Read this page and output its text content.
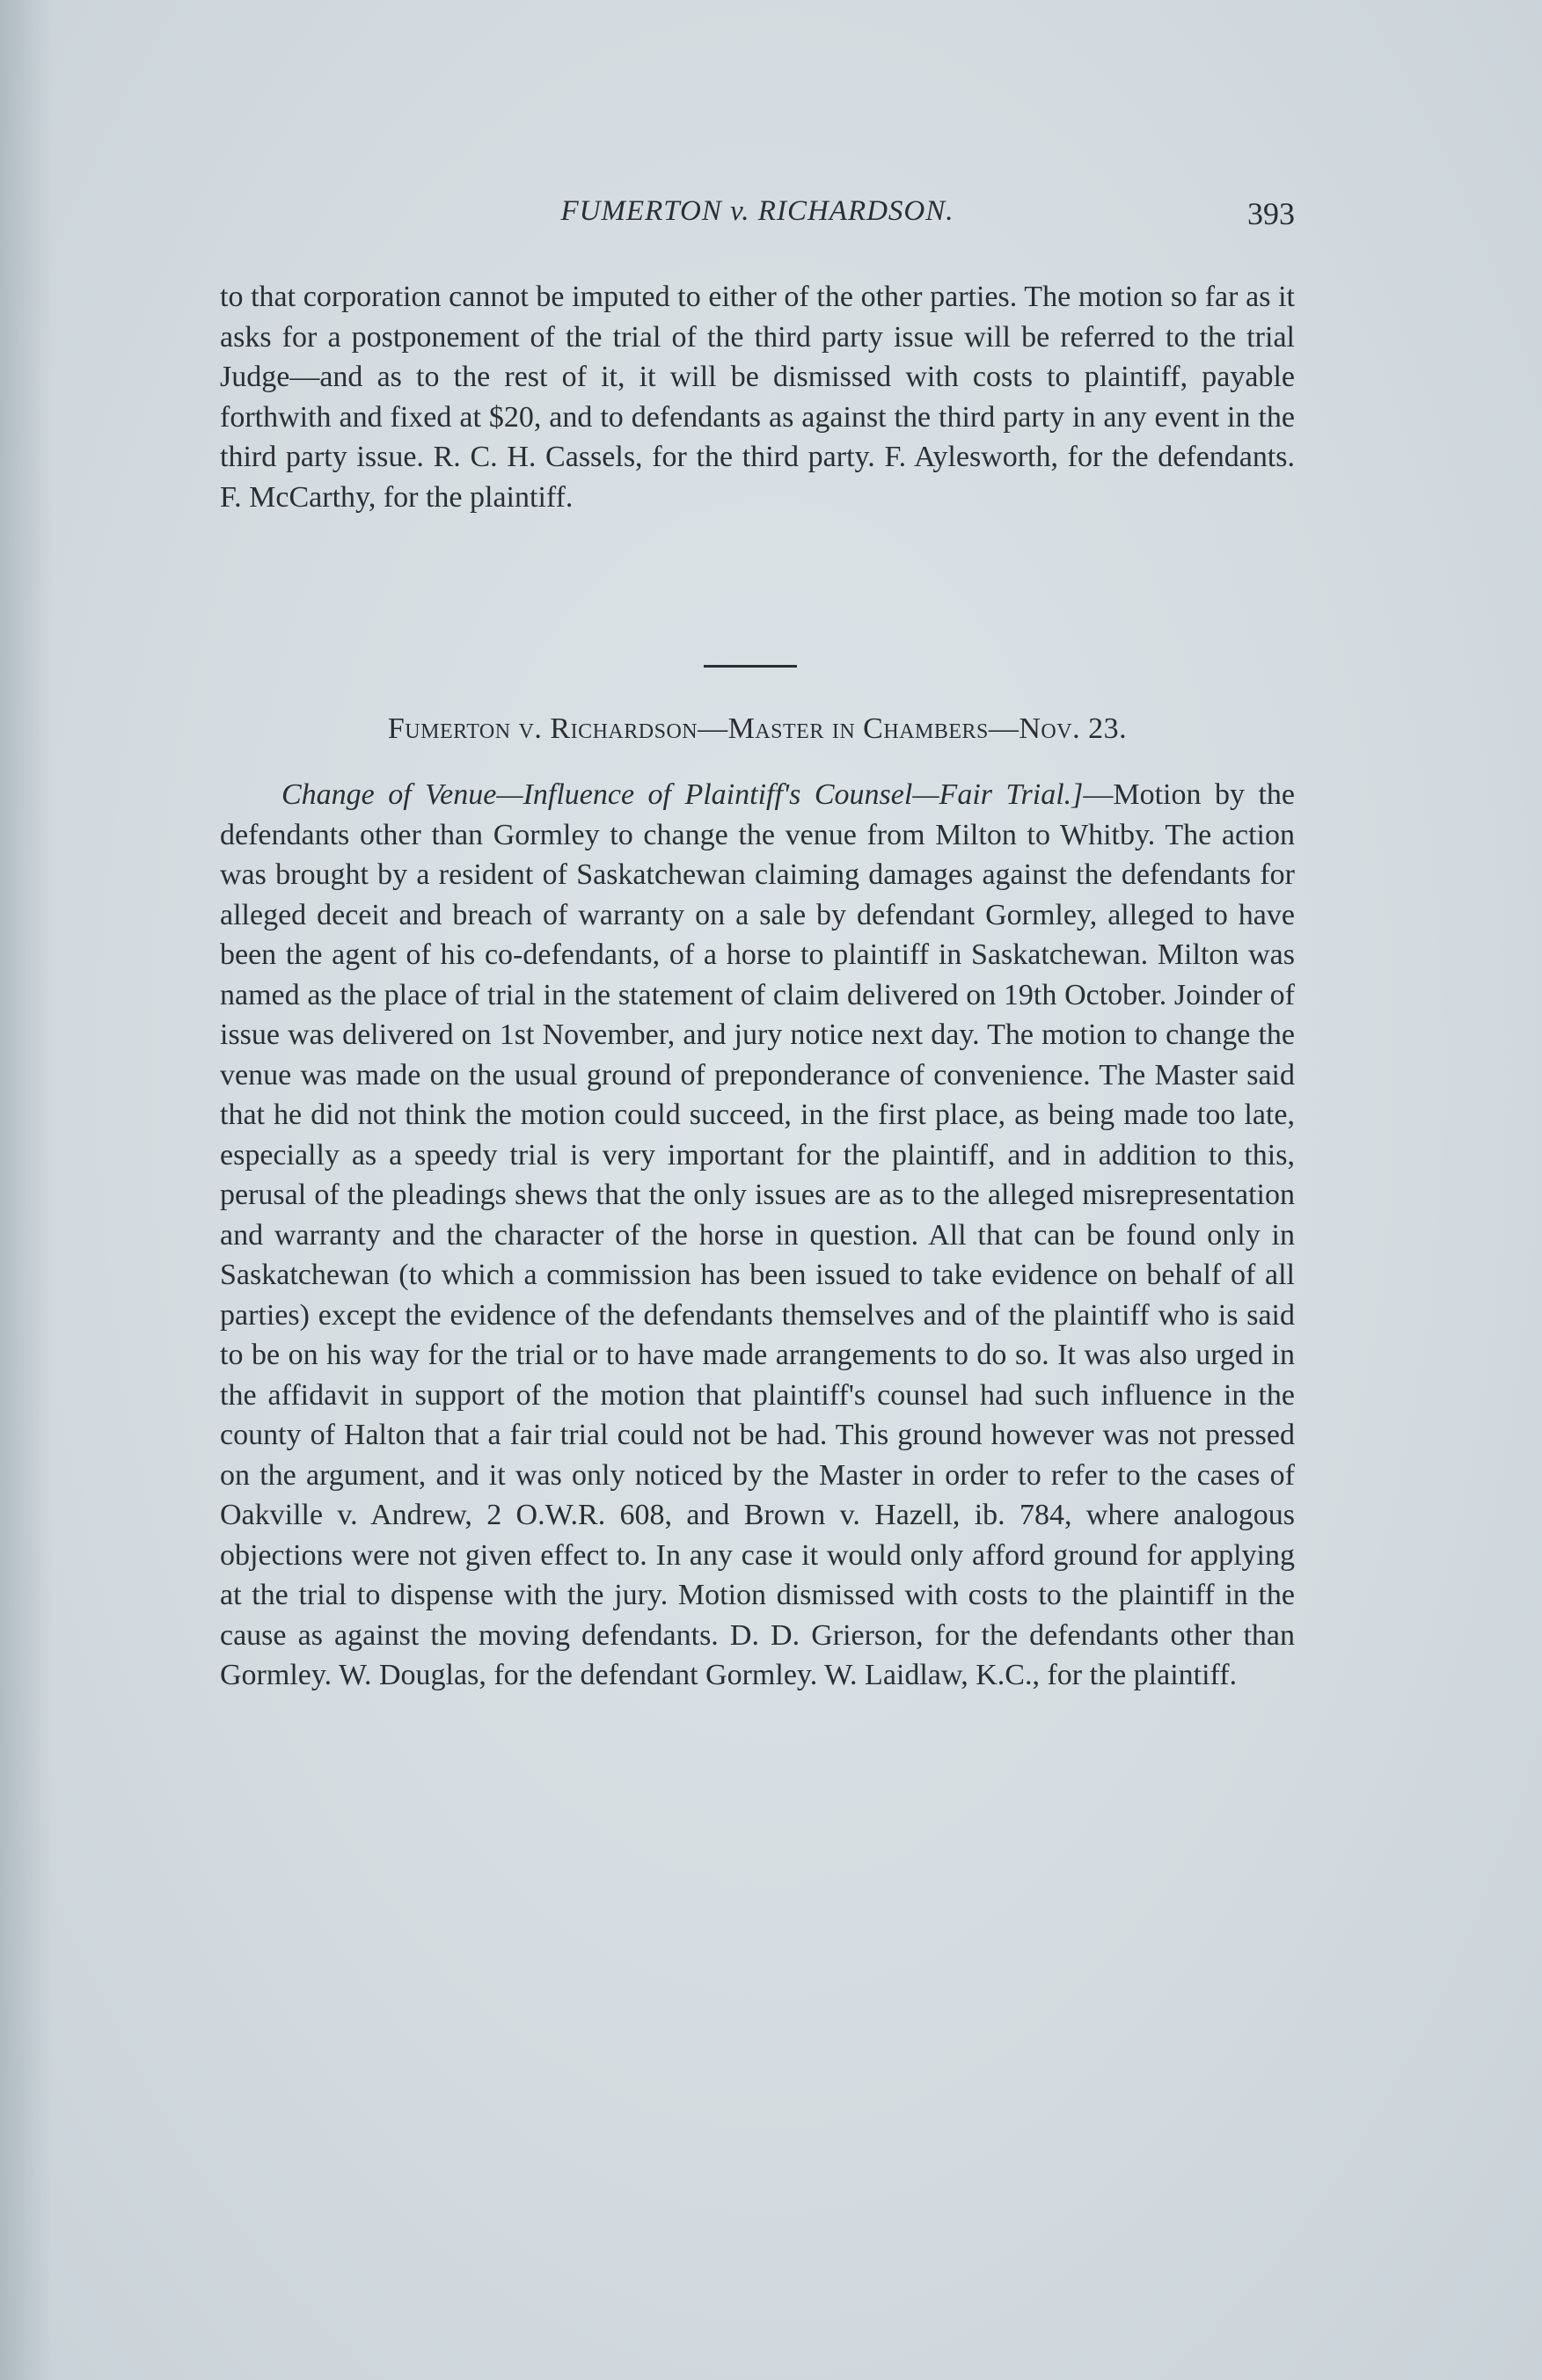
FUMERTON v. RICHARDSON.	393

to that corporation cannot be imputed to either of the other parties. The motion so far as it asks for a postponement of the trial of the third party issue will be referred to the trial Judge—and as to the rest of it, it will be dismissed with costs to plaintiff, payable forthwith and fixed at $20, and to defendants as against the third party in any event in the third party issue. R. C. H. Cassels, for the third party. F. Aylesworth, for the defendants. F. McCarthy, for the plaintiff.

Fumerton v. Richardson—Master in Chambers—Nov. 23.

Change of Venue—Influence of Plaintiff's Counsel—Fair Trial.]—Motion by the defendants other than Gormley to change the venue from Milton to Whitby. The action was brought by a resident of Saskatchewan claiming damages against the defendants for alleged deceit and breach of warranty on a sale by defendant Gormley, alleged to have been the agent of his co-defendants, of a horse to plaintiff in Saskatchewan. Milton was named as the place of trial in the statement of claim delivered on 19th October. Joinder of issue was delivered on 1st November, and jury notice next day. The motion to change the venue was made on the usual ground of preponderance of convenience. The Master said that he did not think the motion could succeed, in the first place, as being made too late, especially as a speedy trial is very important for the plaintiff, and in addition to this, perusal of the pleadings shews that the only issues are as to the alleged misrepresentation and warranty and the character of the horse in question. All that can be found only in Saskatchewan (to which a commission has been issued to take evidence on behalf of all parties) except the evidence of the defendants themselves and of the plaintiff who is said to be on his way for the trial or to have made arrangements to do so. It was also urged in the affidavit in support of the motion that plaintiff's counsel had such influence in the county of Halton that a fair trial could not be had. This ground however was not pressed on the argument, and it was only noticed by the Master in order to refer to the cases of Oakville v. Andrew, 2 O.W.R. 608, and Brown v. Hazell, ib. 784, where analogous objections were not given effect to. In any case it would only afford ground for applying at the trial to dispense with the jury. Motion dismissed with costs to the plaintiff in the cause as against the moving defendants. D. D. Grierson, for the defendants other than Gormley. W. Douglas, for the defendant Gormley. W. Laidlaw, K.C., for the plaintiff.
